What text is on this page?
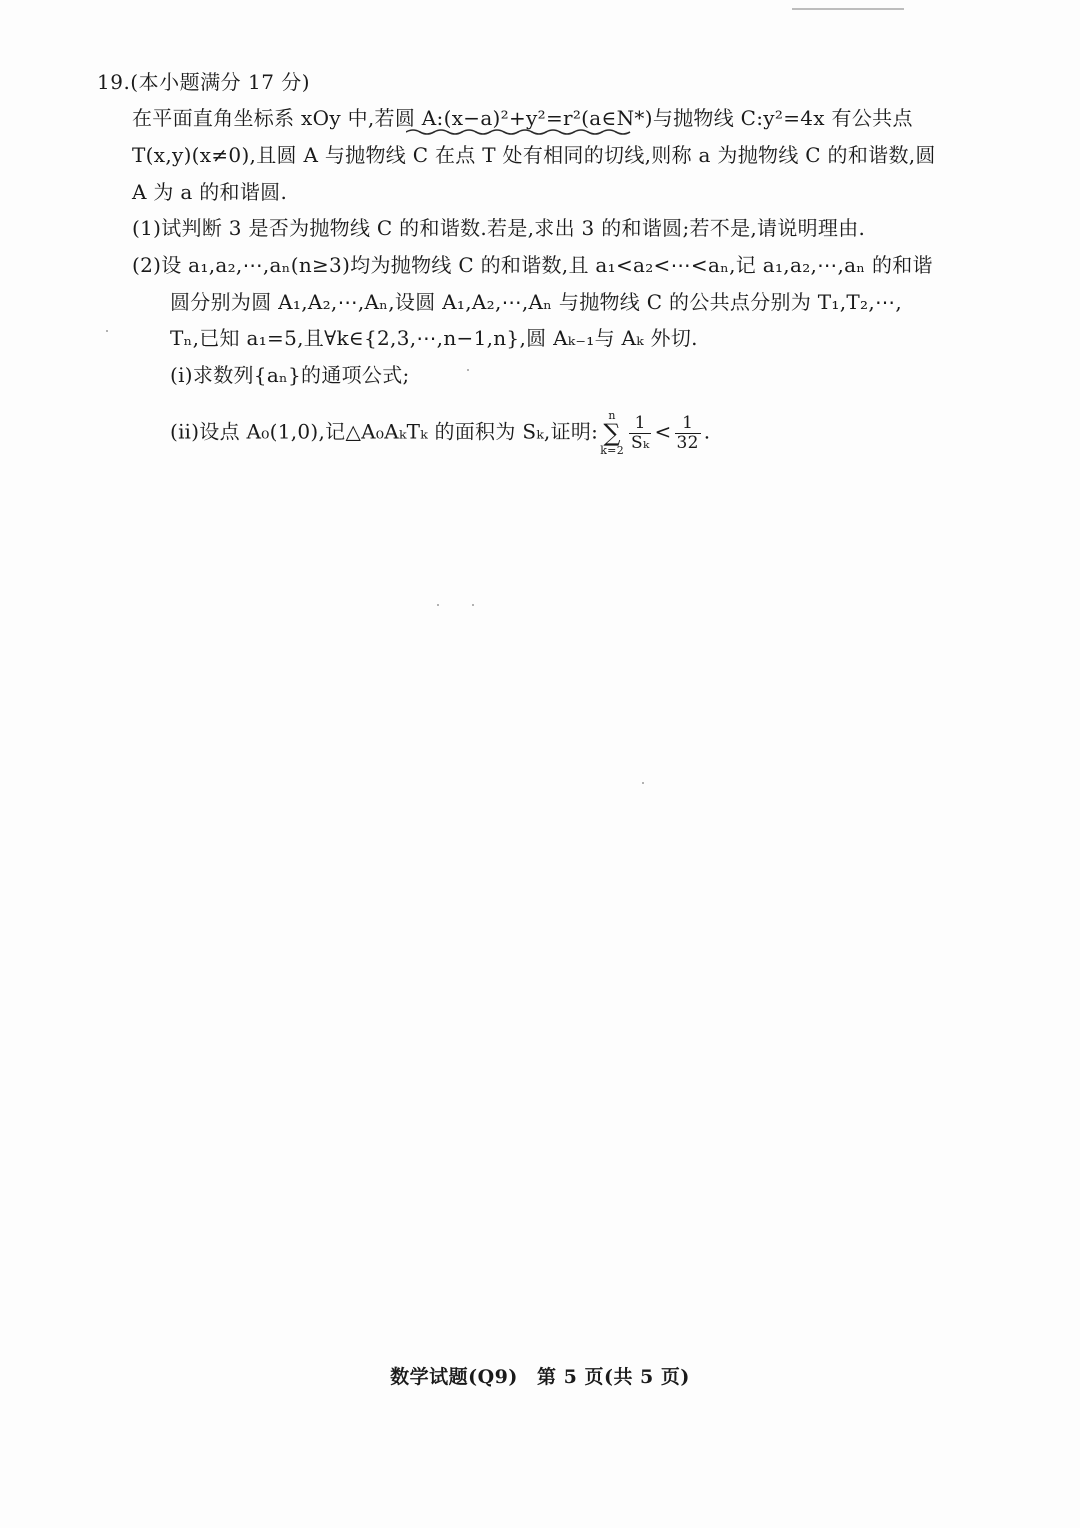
19.(本小题满分 17 分)
在平面直角坐标系 xOy 中,若圆 A:(x−a)²+y²=r²(a∈N*)与抛物线 C:y²=4x 有公共点
T(x,y)(x≠0),且圆 A 与抛物线 C 在点 T 处有相同的切线,则称 a 为抛物线 C 的和谐数,圆
A 为 a 的和谐圆.
(1)试判断 3 是否为抛物线 C 的和谐数.若是,求出 3 的和谐圆;若不是,请说明理由.
(2)设 a₁,a₂,⋯,aₙ(n≥3)均为抛物线 C 的和谐数,且 a₁<a₂<⋯<aₙ,记 a₁,a₂,⋯,aₙ 的和谐
圆分别为圆 A₁,A₂,⋯,Aₙ,设圆 A₁,A₂,⋯,Aₙ 与抛物线 C 的公共点分别为 T₁,T₂,⋯,
Tₙ,已知 a₁=5,且∀k∈{2,3,⋯,n−1,n},圆 Aₖ₋₁与 Aₖ 外切.
(ⅰ)求数列{aₙ}的通项公式;
(ⅱ)设点 A₀(1,0),记△A₀AₖTₖ 的面积为 Sₖ,证明:
n
∑
$k=2 \frac{1}{\text{Sₖ}} < \frac{1}{32}$ .
数学试题(Q9) 第 5 页(共 5 页)
